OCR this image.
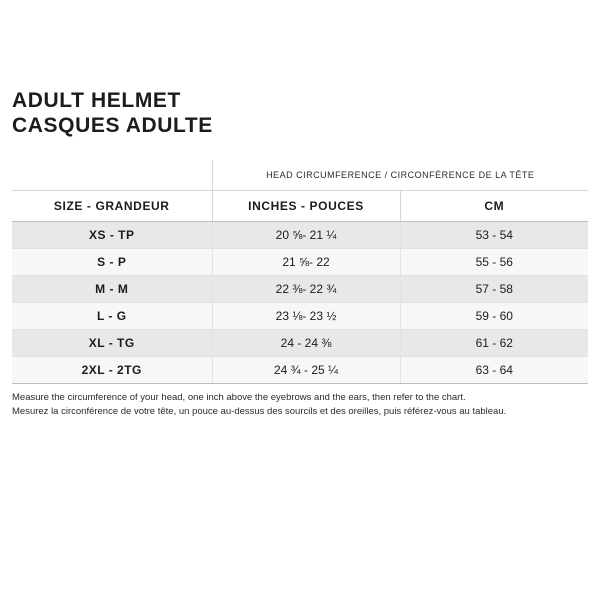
ADULT HELMET
CASQUES ADULTE
	HEAD CIRCUMFERENCE / CIRCONFÉRENCE DE LA TÊTE	
SIZE - GRANDEUR	INCHES - POUCES	CM
XS - TP	20 ⅝- 21 ¼	53 - 54
S - P	21 ⅝- 22	55 - 56
M - M	22 ⅜- 22 ¾	57 - 58
L - G	23 ⅛- 23 ½	59 - 60
XL - TG	24 - 24 ⅜	61 - 62
2XL - 2TG	24 ¾ - 25 ¼	63 - 64
Measure the circumference of your head, one inch above the eyebrows and the ears, then refer to the chart.
Mesurez la circonférence de votre tête, un pouce au-dessus des sourcils et des oreilles, puis référez-vous au tableau.
